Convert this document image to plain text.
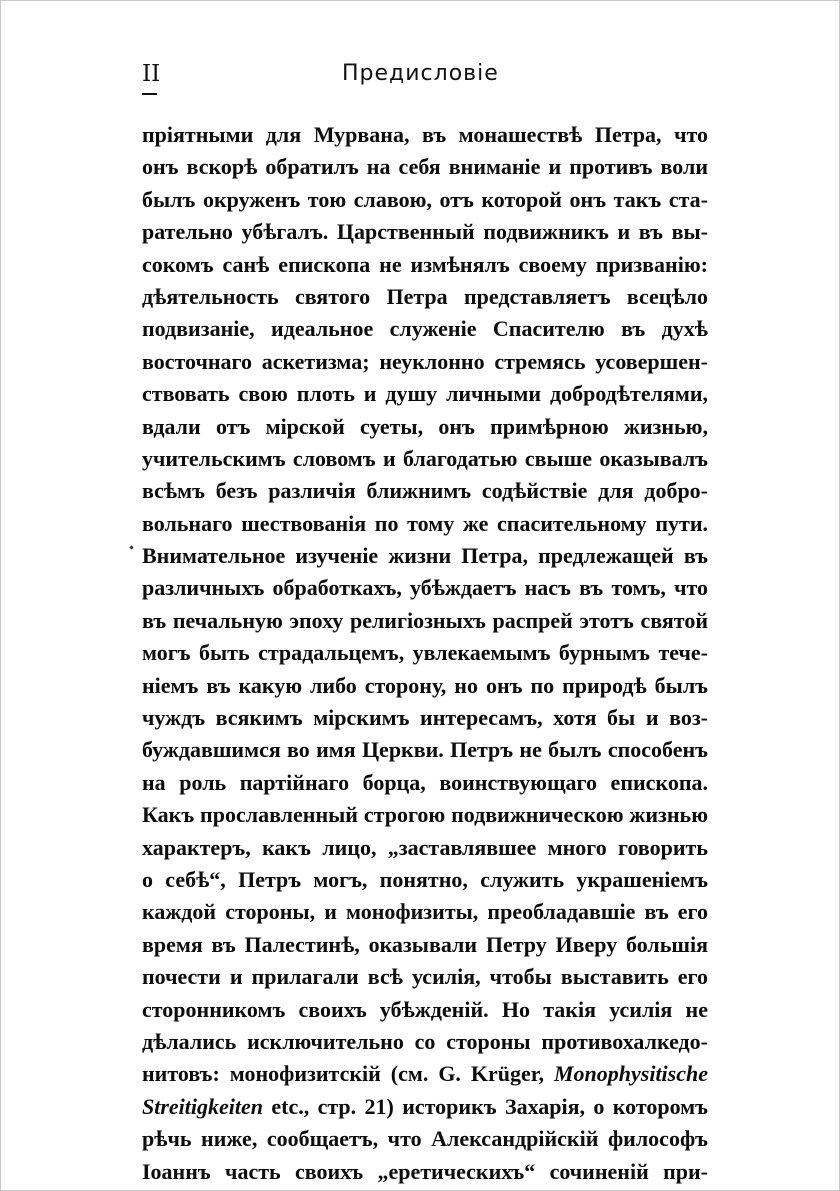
II	Предисловіе
пріятными для Мурвана, въ монашествѣ Петра, что
онъ вскорѣ обратилъ на себя вниманіе и противъ воли
былъ окруженъ тою славою, отъ которой онъ такъ ста-
рательно убѣгалъ. Царственный подвижникъ и въ вы-
сокомъ санѣ епископа не измѣнялъ своему призванію:
дѣятельность святого Петра представляетъ всецѣло
подвизаніе, идеальное служеніе Спасителю въ духѣ
восточнаго аскетизма; неуклонно стремясь усовершен-
ствовать свою плоть и душу личными добродѣтелями,
вдали отъ мірской суеты, онъ примѣрною жизнью,
учительскимъ словомъ и благодатью свыше оказывалъ
всѣмъ безъ различія ближнимъ содѣйствіе для добро-
вольнаго шествованія по тому же спасительному пути.
Внимательное изученіе жизни Петра, предлежащей въ
различныхъ обработкахъ, убѣждаетъ насъ въ томъ, что
въ печальную эпоху религіозныхъ распрей этотъ святой
могъ быть страдальцемъ, увлекаемымъ бурнымъ тече-
ніемъ въ какую либо сторону, но онъ по природѣ былъ
чуждъ всякимъ мірскимъ интересамъ, хотя бы и воз-
буждавшимся во имя Церкви. Петръ не былъ способенъ
на роль партійнаго борца, воинствующаго епископа.
Какъ прославленный строгою подвижническою жизнью
характеръ, какъ лицо, „заставлявшее много говорить
о себѣ“, Петръ могъ, понятно, служить украшеніемъ
каждой стороны, и монофизиты, преобладавшіе въ его
время въ Палестинѣ, оказывали Петру Иверу большія
почести и прилагали всѣ усилія, чтобы выставить его
сторонникомъ своихъ убѣжденій. Но такія усилія не
дѣлались исключительно со стороны противохалкедо-
нитовъ: монофизитскій (см. G. Krüger, Monophysitische
Streitigkeiten etc., стр. 21) историкъ Захарія, о которомъ
рѣчь ниже, сообщаетъ, что Александрійскій философъ
Іоаннъ часть своихъ „еретическихъ“ сочиненій при-
